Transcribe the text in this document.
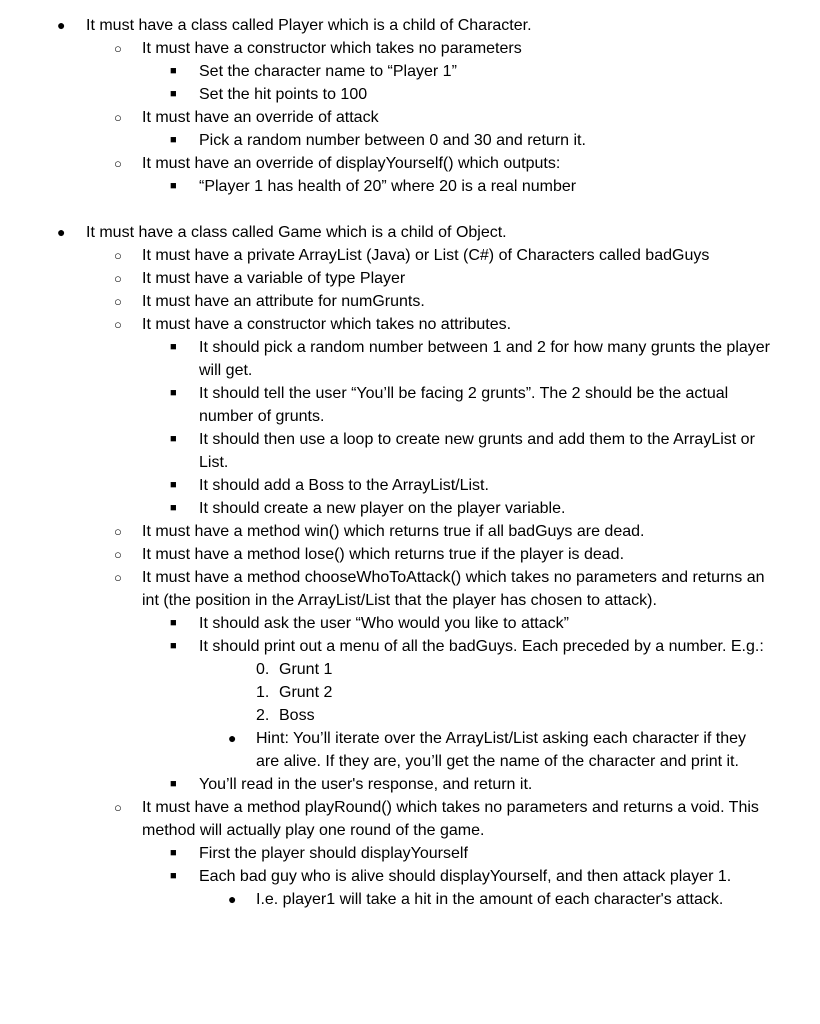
● It must have a class called Player which is a child of Character.
○ It must have a constructor which takes no parameters
■ Set the character name to “Player 1”
■ Set the hit points to 100
○ It must have an override of attack
■ Pick a random number between 0 and 30 and return it.
○ It must have an override of displayYourself() which outputs:
■ “Player 1 has health of 20” where 20 is a real number
● It must have a class called Game which is a child of Object.
○ It must have a private ArrayList (Java) or List (C#) of Characters called badGuys
○ It must have a variable of type Player
○ It must have an attribute for numGrunts.
○ It must have a constructor which takes no attributes.
■ It should pick a random number between 1 and 2 for how many grunts the player will get.
■ It should tell the user “You’ll be facing 2 grunts”. The 2 should be the actual number of grunts.
■ It should then use a loop to create new grunts and add them to the ArrayList or List.
■ It should add a Boss to the ArrayList/List.
■ It should create a new player on the player variable.
○ It must have a method win() which returns true if all badGuys are dead.
○ It must have a method lose() which returns true if the player is dead.
○ It must have a method chooseWhoToAttack() which takes no parameters and returns an int (the position in the ArrayList/List that the player has chosen to attack).
■ It should ask the user “Who would you like to attack”
■ It should print out a menu of all the badGuys. Each preceded by a number. E.g.:
0. Grunt 1
1. Grunt 2
2. Boss
● Hint: You’ll iterate over the ArrayList/List asking each character if they are alive. If they are, you’ll get the name of the character and print it.
■ You’ll read in the user's response, and return it.
○ It must have a method playRound() which takes no parameters and returns a void. This method will actually play one round of the game.
■ First the player should displayYourself
■ Each bad guy who is alive should displayYourself, and then attack player 1.
● I.e. player1 will take a hit in the amount of each character's attack.
